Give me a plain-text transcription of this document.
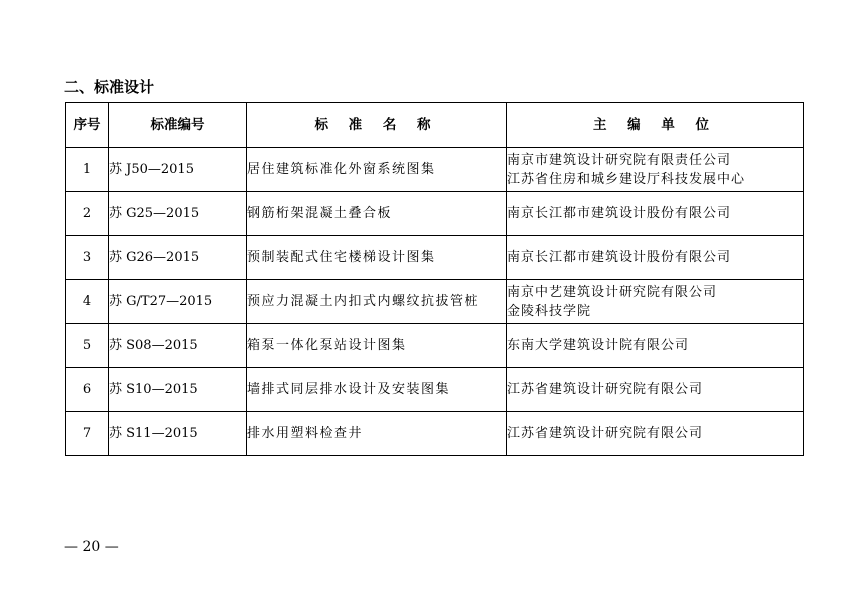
二、标准设计
序号	标准编号	标 准 名 称	主 编 单 位
1	苏 J50—2015	居住建筑标准化外窗系统图集	南京市建筑设计研究院有限责任公司
江苏省住房和城乡建设厅科技发展中心

2	苏 G25—2015	钢筋桁架混凝土叠合板	南京长江都市建筑设计股份有限公司

3	苏 G26—2015	预制装配式住宅楼梯设计图集	南京长江都市建筑设计股份有限公司

4	苏 G/T27—2015	预应力混凝土内扣式内螺纹抗拔管桩	南京中艺建筑设计研究院有限公司
金陵科技学院

5	苏 S08—2015	箱泵一体化泵站设计图集	东南大学建筑设计院有限公司

6	苏 S10—2015	墙排式同层排水设计及安装图集	江苏省建筑设计研究院有限公司

7	苏 S11—2015	排水用塑料检查井	江苏省建筑设计研究院有限公司
— 20 —
